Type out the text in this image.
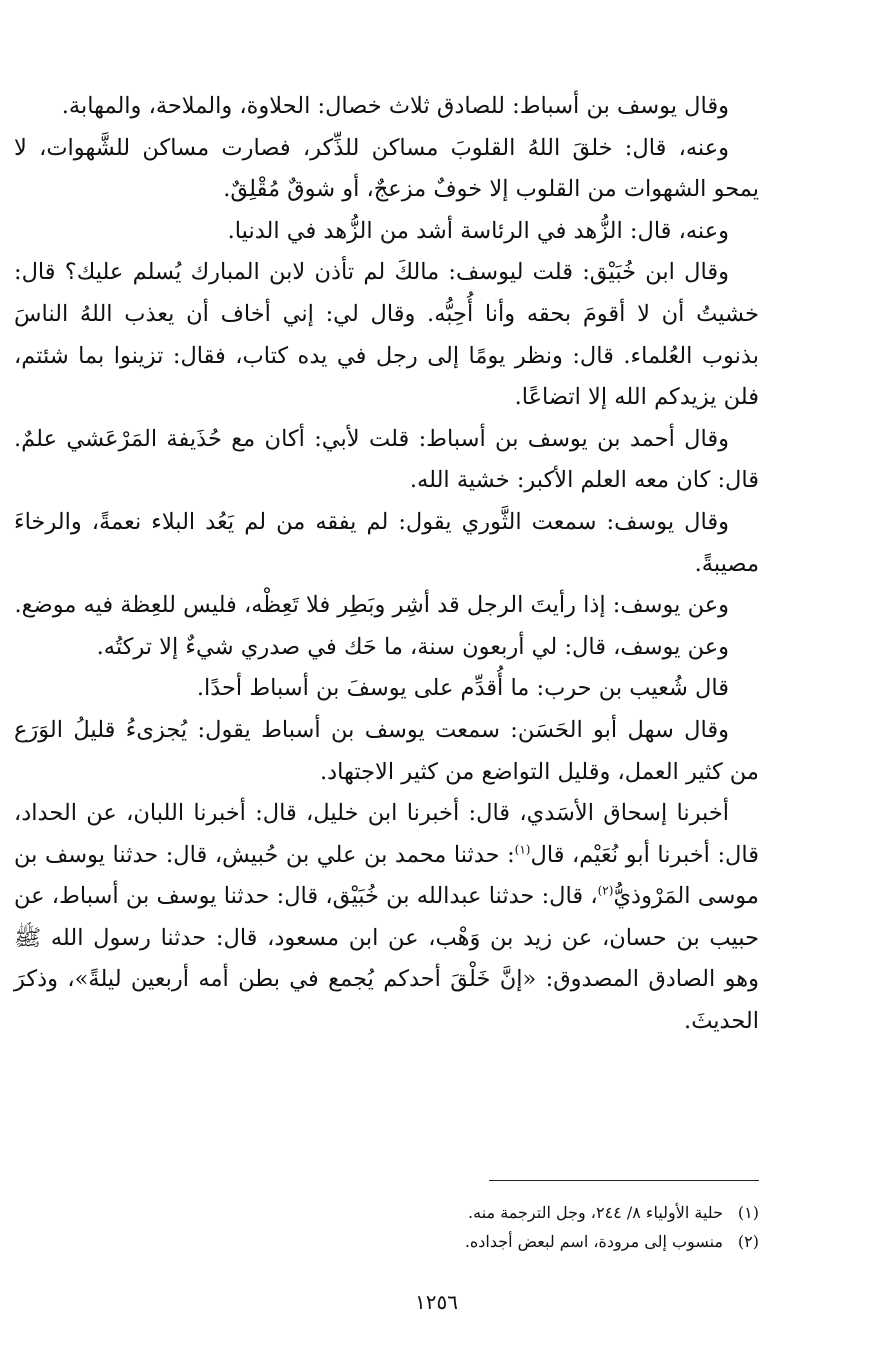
وقال يوسف بن أسباط: للصادق ثلاث خصال: الحلاوة، والملاحة، والمهابة.

وعنه، قال: خلقَ اللهُ القلوبَ مساكن للذِّكر، فصارت مساكن للشَّهوات، لا يمحو الشهوات من القلوب إلا خوفٌ مزعجٌ، أو شوقٌ مُقْلِقٌ.

وعنه، قال: الزُّهد في الرئاسة أشد من الزُّهد في الدنيا.

وقال ابن خُبَيْق: قلت ليوسف: مالكَ لم تأذن لابن المبارك يُسلم عليك؟ قال: خشيتُ أن لا أقومَ بحقه وأنا أُحِبُّه. وقال لي: إني أخاف أن يعذب اللهُ الناسَ بذنوب العُلماء. قال: ونظر يومًا إلى رجل في يده كتاب، فقال: تزينوا بما شئتم، فلن يزيدكم الله إلا اتضاعًا.

وقال أحمد بن يوسف بن أسباط: قلت لأبي: أكان مع حُذَيفة المَرْعَشي علمٌ. قال: كان معه العلم الأكبر: خشية الله.

وقال يوسف: سمعت الثَّوري يقول: لم يفقه من لم يَعُد البلاء نعمةً، والرخاءَ مصيبةً.

وعن يوسف: إذا رأيتَ الرجل قد أشِر وبَطِر فلا تَعِظْه، فليس للعِظة فيه موضع.

وعن يوسف، قال: لي أربعون سنة، ما حَك في صدري شيءٌ إلا تركتُه.

قال شُعيب بن حرب: ما أُقدِّم على يوسفَ بن أسباط أحدًا.

وقال سهل أبو الحَسَن: سمعت يوسف بن أسباط يقول: يُجزىءُ قليلُ الوَرَع من كثير العمل، وقليل التواضع من كثير الاجتهاد.

أخبرنا إسحاق الأسَدي، قال: أخبرنا ابن خليل، قال: أخبرنا اللبان، عن الحداد، قال: أخبرنا أبو نُعَيْم، قال$^{(١)}$: حدثنا محمد بن علي بن حُبيش، قال: حدثنا يوسف بن موسى المَرْوذيُّ$^{(٢)}$، قال: حدثنا عبدالله بن خُبَيْق، قال: حدثنا يوسف بن أسباط، عن حبيب بن حسان، عن زيد بن وَهْب، عن ابن مسعود، قال: حدثنا رسول الله ﷺ وهو الصادق المصدوق: «إنَّ خَلْقَ أحدكم يُجمع في بطن أمه أربعين ليلةً»، وذكرَ الحديثَ.

(١)حلية الأولياء ٨/ ٢٤٤، وجل الترجمة منه.

(٢)منسوب إلى مرودة، اسم لبعض أجداده.

١٢٥٦
